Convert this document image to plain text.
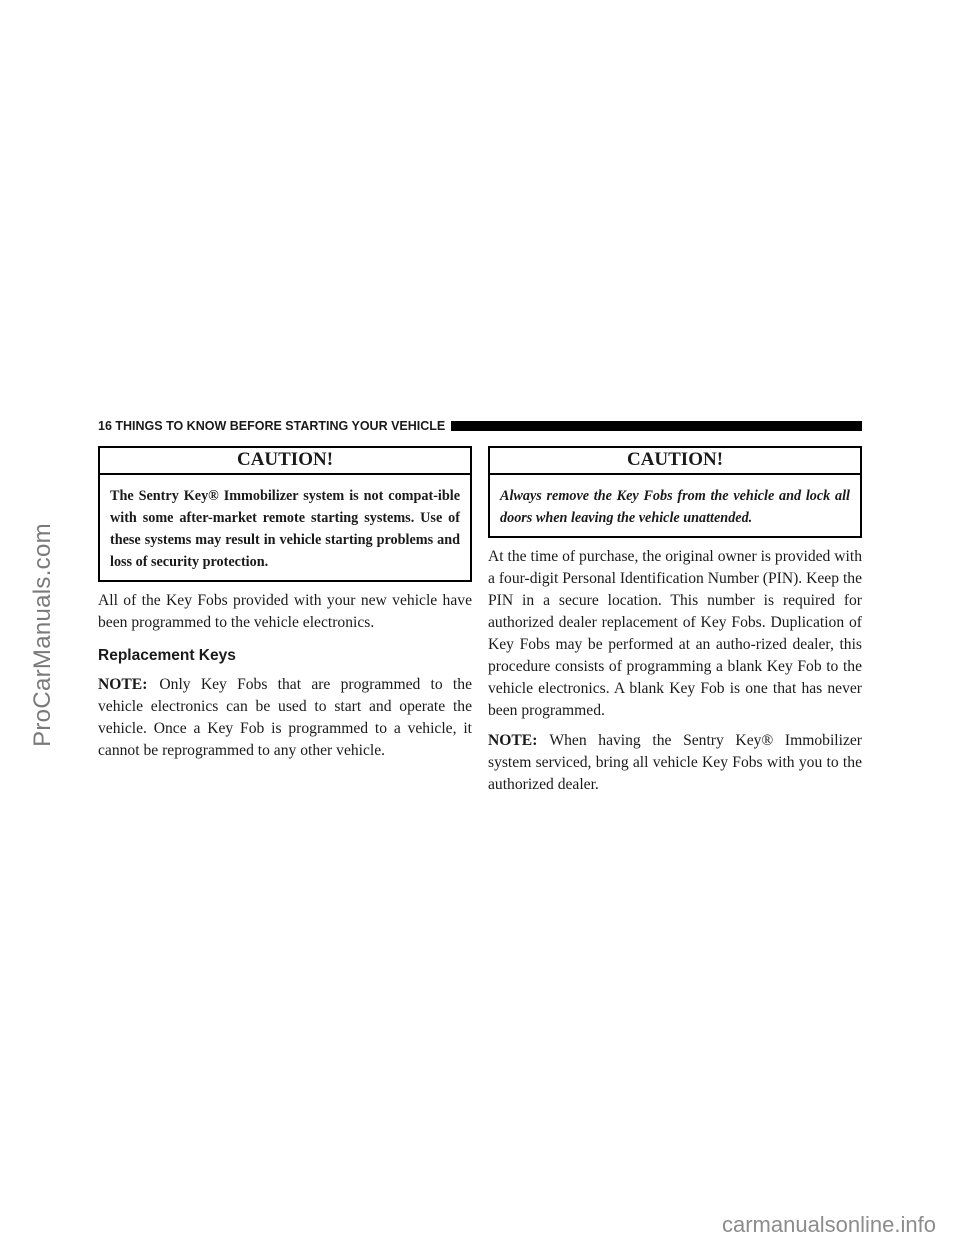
ProCarManuals.com
16 THINGS TO KNOW BEFORE STARTING YOUR VEHICLE
CAUTION!
The Sentry Key® Immobilizer system is not compat-ible with some after-market remote starting systems. Use of these systems may result in vehicle starting problems and loss of security protection.

All of the Key Fobs provided with your new vehicle have been programmed to the vehicle electronics.

Replacement Keys

NOTE: Only Key Fobs that are programmed to the vehicle electronics can be used to start and operate the vehicle. Once a Key Fob is programmed to a vehicle, it cannot be reprogrammed to any other vehicle.

CAUTION!
Always remove the Key Fobs from the vehicle and lock all doors when leaving the vehicle unattended.

At the time of purchase, the original owner is provided with a four-digit Personal Identification Number (PIN). Keep the PIN in a secure location. This number is required for authorized dealer replacement of Key Fobs. Duplication of Key Fobs may be performed at an autho-rized dealer, this procedure consists of programming a blank Key Fob to the vehicle electronics. A blank Key Fob is one that has never been programmed.

NOTE: When having the Sentry Key® Immobilizer system serviced, bring all vehicle Key Fobs with you to the authorized dealer.

carmanualsonline.info
